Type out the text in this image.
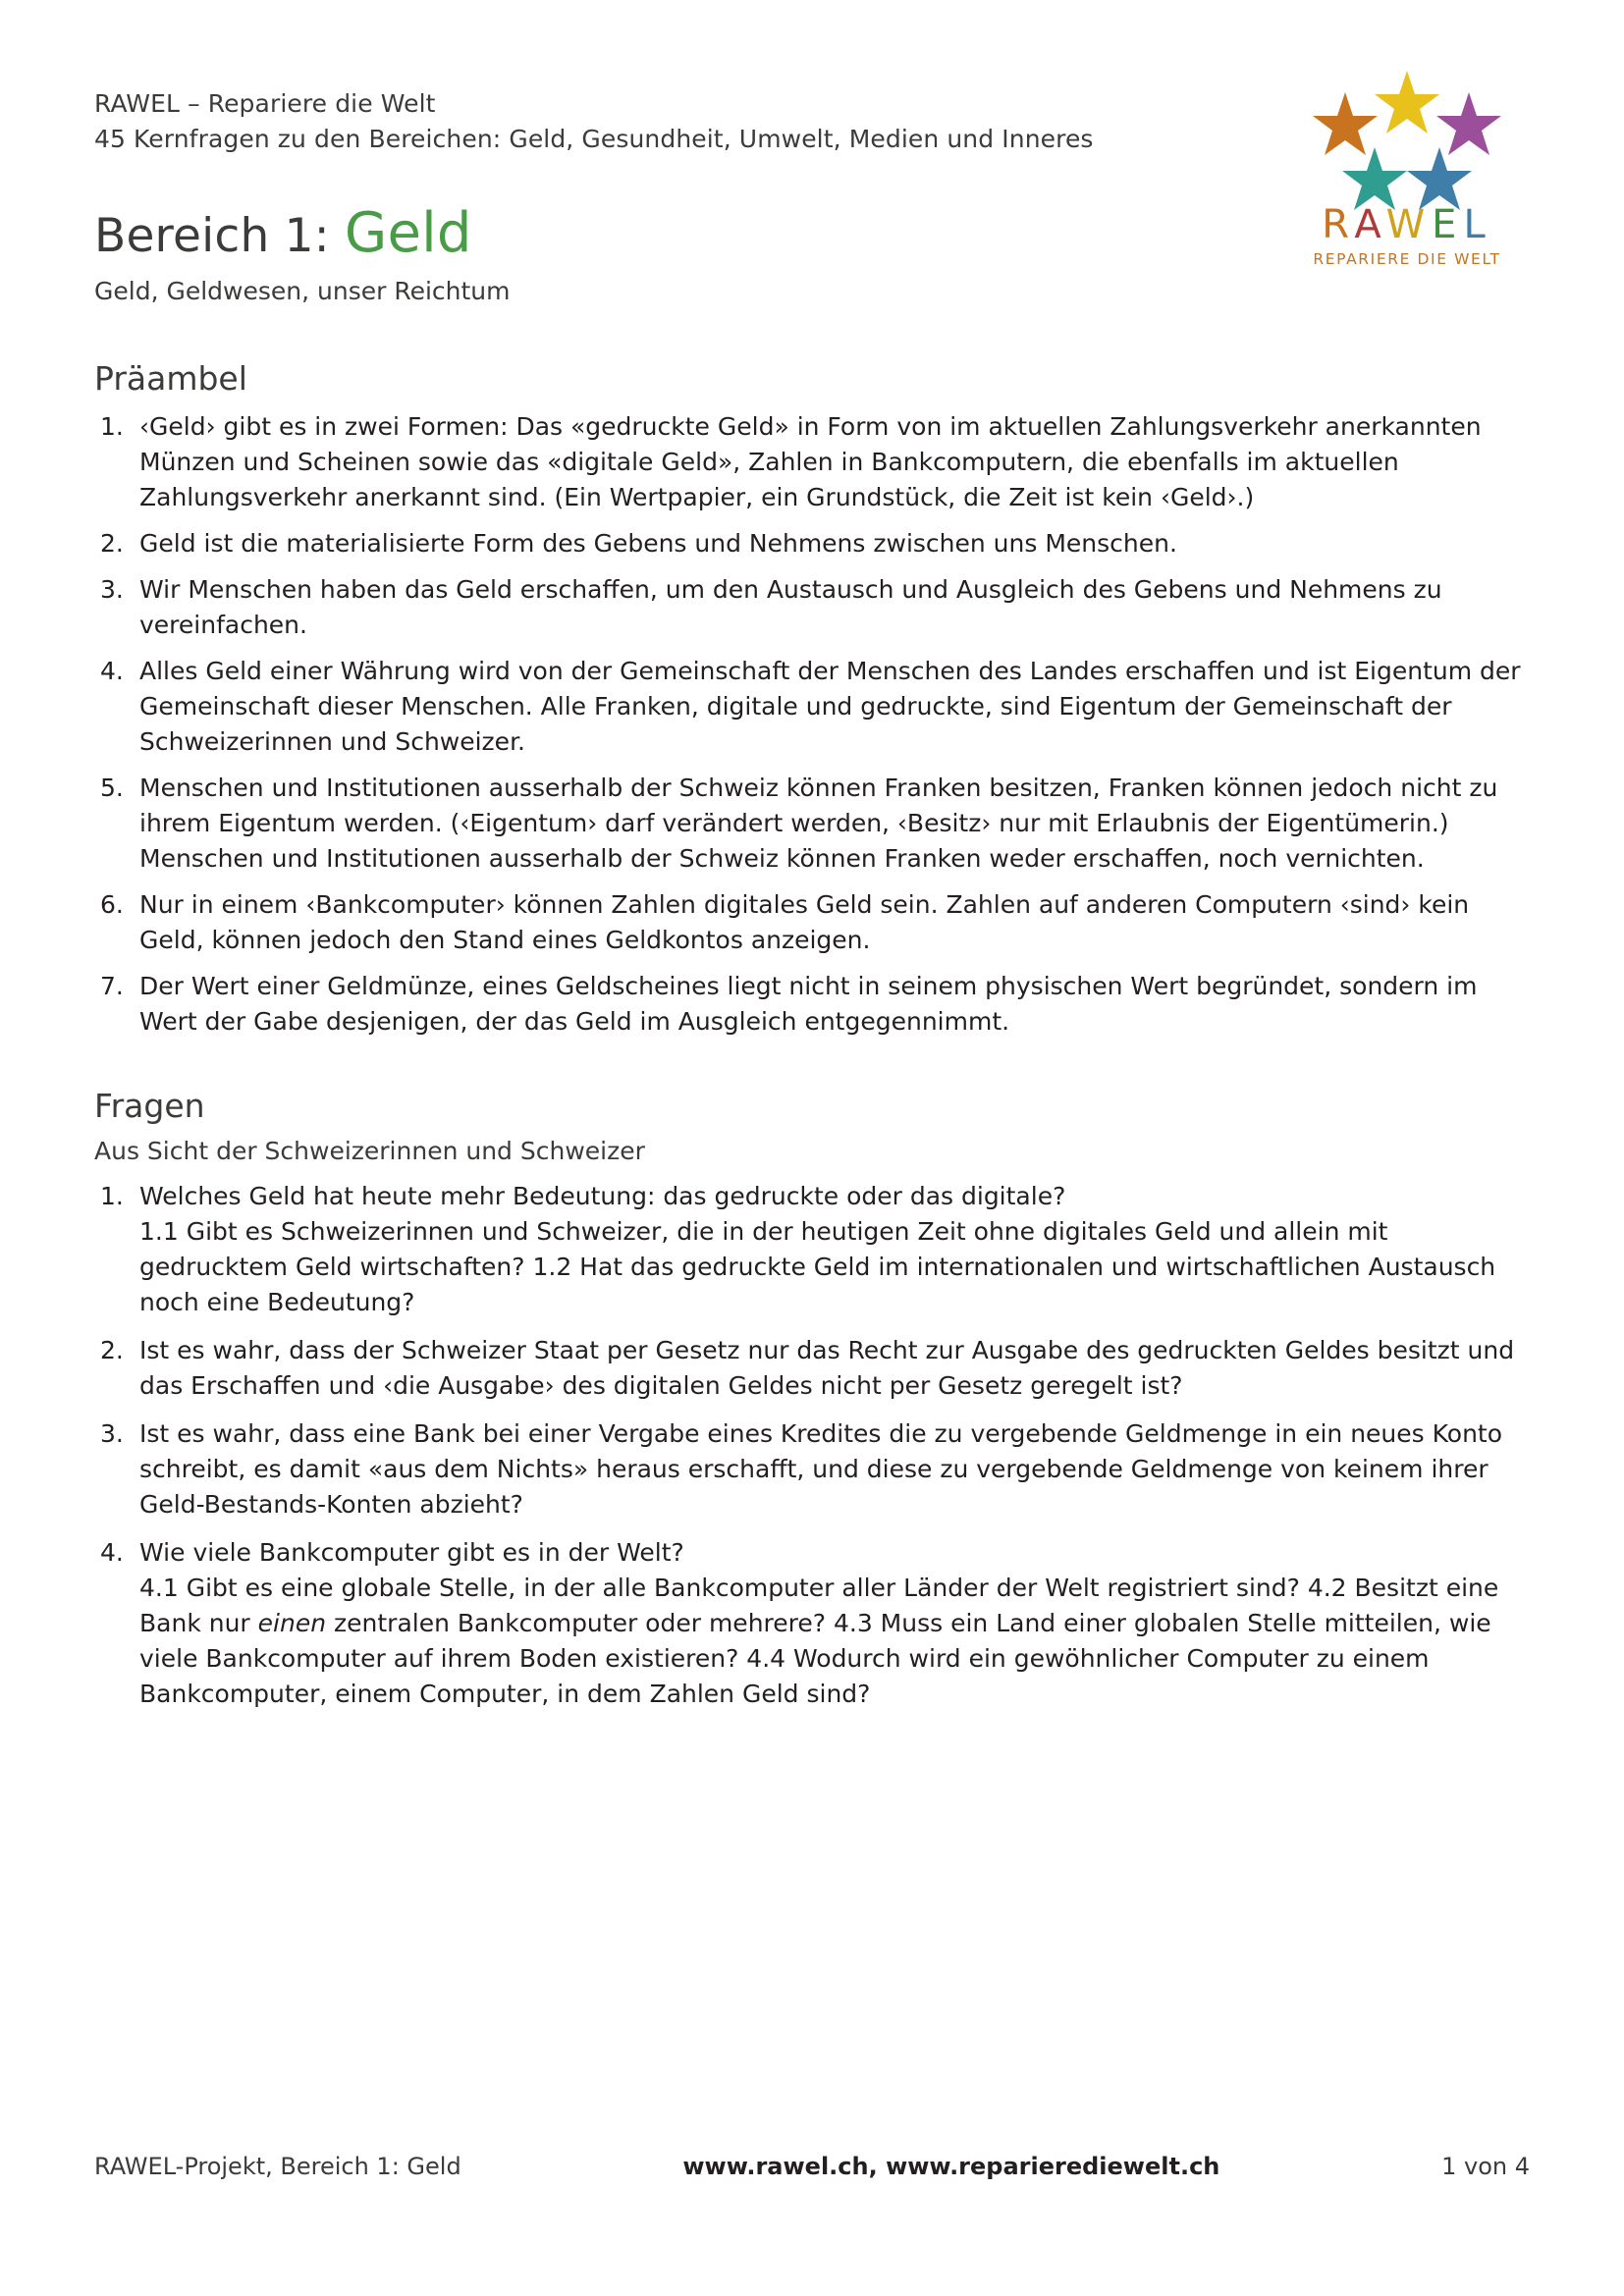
RAWEL – Repariere die Welt
45 Kernfragen zu den Bereichen: Geld, Gesundheit, Umwelt, Medien und Inneres
Bereich 1: Geld
Geld, Geldwesen, unser Reichtum
RAWEL
REPARIERE DIE WELT
Präambel
1. ‹Geld› gibt es in zwei Formen: Das «gedruckte Geld» in Form von im aktuellen Zahlungsverkehr anerkannten Münzen und Scheinen sowie das «digitale Geld», Zahlen in Bankcomputern, die ebenfalls im aktuellen Zahlungsverkehr anerkannt sind. (Ein Wertpapier, ein Grundstück, die Zeit ist kein ‹Geld›.)
2. Geld ist die materialisierte Form des Gebens und Nehmens zwischen uns Menschen.
3. Wir Menschen haben das Geld erschaffen, um den Austausch und Ausgleich des Gebens und Nehmens zu vereinfachen.
4. Alles Geld einer Währung wird von der Gemeinschaft der Menschen des Landes erschaffen und ist Eigentum der Gemeinschaft dieser Menschen. Alle Franken, digitale und gedruckte, sind Eigentum der Gemeinschaft der Schweizerinnen und Schweizer.
5. Menschen und Institutionen ausserhalb der Schweiz können Franken besitzen, Franken können jedoch nicht zu ihrem Eigentum werden. (‹Eigentum› darf verändert werden, ‹Besitz› nur mit Erlaubnis der Eigentümerin.) Menschen und Institutionen ausserhalb der Schweiz können Franken weder erschaffen, noch vernichten.
6. Nur in einem ‹Bankcomputer› können Zahlen digitales Geld sein. Zahlen auf anderen Computern ‹sind› kein Geld, können jedoch den Stand eines Geldkontos anzeigen.
7. Der Wert einer Geldmünze, eines Geldscheines liegt nicht in seinem physischen Wert begründet, sondern im Wert der Gabe desjenigen, der das Geld im Ausgleich entgegennimmt.
Fragen
Aus Sicht der Schweizerinnen und Schweizer
1. Welches Geld hat heute mehr Bedeutung: das gedruckte oder das digitale?
1.1 Gibt es Schweizerinnen und Schweizer, die in der heutigen Zeit ohne digitales Geld und allein mit gedrucktem Geld wirtschaften? 1.2 Hat das gedruckte Geld im internationalen und wirtschaftlichen Austausch noch eine Bedeutung?
2. Ist es wahr, dass der Schweizer Staat per Gesetz nur das Recht zur Ausgabe des gedruckten Geldes besitzt und das Erschaffen und ‹die Ausgabe› des digitalen Geldes nicht per Gesetz geregelt ist?
3. Ist es wahr, dass eine Bank bei einer Vergabe eines Kredites die zu vergebende Geldmenge in ein neues Konto schreibt, es damit «aus dem Nichts» heraus erschafft, und diese zu vergebende Geldmenge von keinem ihrer Geld-Bestands-Konten abzieht?
4. Wie viele Bankcomputer gibt es in der Welt?
4.1 Gibt es eine globale Stelle, in der alle Bankcomputer aller Länder der Welt registriert sind? 4.2 Besitzt eine Bank nur einen zentralen Bankcomputer oder mehrere? 4.3 Muss ein Land einer globalen Stelle mitteilen, wie viele Bankcomputer auf ihrem Boden existieren? 4.4 Wodurch wird ein gewöhnlicher Computer zu einem Bankcomputer, einem Computer, in dem Zahlen Geld sind?
RAWEL-Projekt, Bereich 1: Geld	www.rawel.ch, www.reparierediewelt.ch	1 von 4
